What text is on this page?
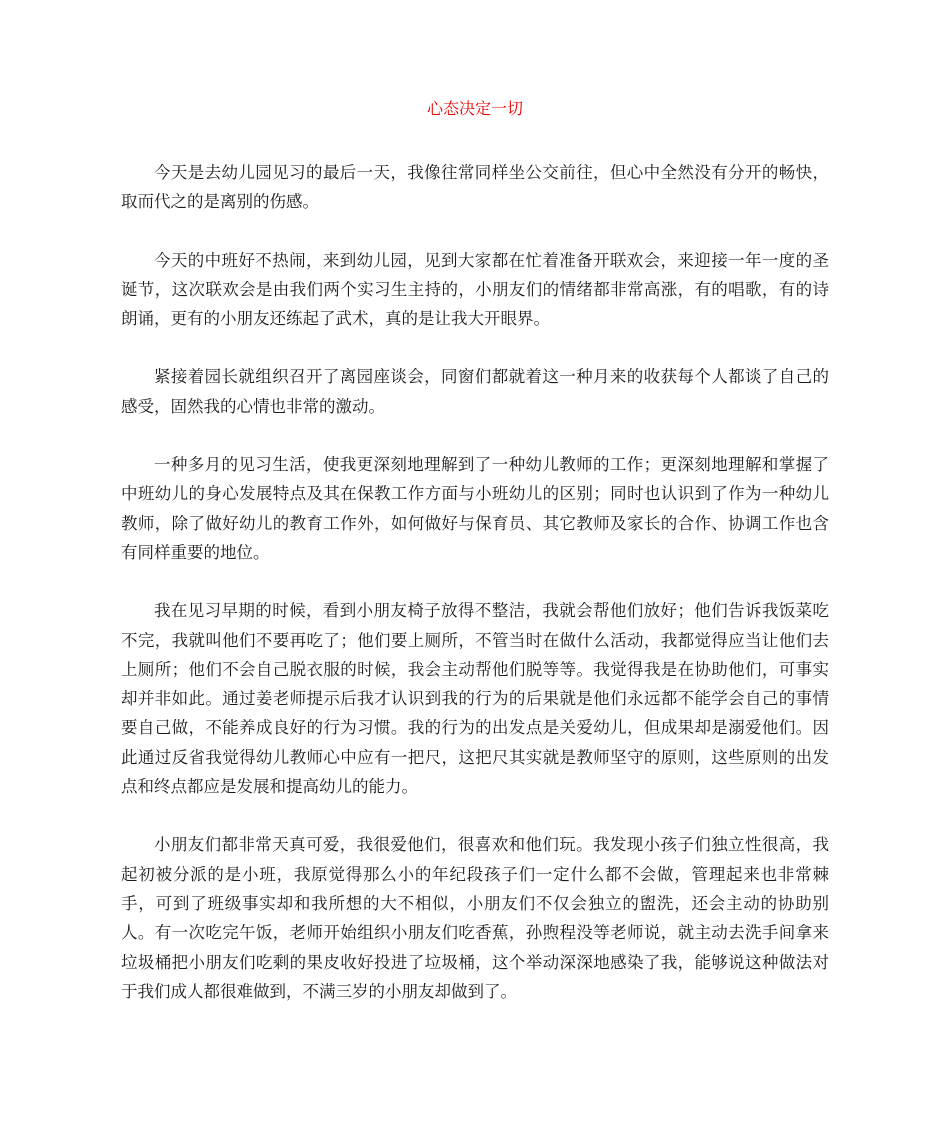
心态决定一切

今天是去幼儿园见习的最后一天，我像往常同样坐公交前往，但心中全然没有分开的畅快，取而代之的是离别的伤感。

今天的中班好不热闹，来到幼儿园，见到大家都在忙着准备开联欢会，来迎接一年一度的圣诞节，这次联欢会是由我们两个实习生主持的，小朋友们的情绪都非常高涨，有的唱歌，有的诗朗诵，更有的小朋友还练起了武术，真的是让我大开眼界。

紧接着园长就组织召开了离园座谈会，同窗们都就着这一种月来的收获每个人都谈了自己的感受，固然我的心情也非常的激动。

一种多月的见习生活，使我更深刻地理解到了一种幼儿教师的工作；更深刻地理解和掌握了中班幼儿的身心发展特点及其在保教工作方面与小班幼儿的区别；同时也认识到了作为一种幼儿教师，除了做好幼儿的教育工作外，如何做好与保育员、其它教师及家长的合作、协调工作也含有同样重要的地位。

我在见习早期的时候，看到小朋友椅子放得不整洁，我就会帮他们放好；他们告诉我饭菜吃不完，我就叫他们不要再吃了；他们要上厕所，不管当时在做什么活动，我都觉得应当让他们去上厕所；他们不会自己脱衣服的时候，我会主动帮他们脱等等。我觉得我是在协助他们，可事实却并非如此。通过姜老师提示后我才认识到我的行为的后果就是他们永远都不能学会自己的事情要自己做，不能养成良好的行为习惯。我的行为的出发点是关爱幼儿，但成果却是溺爱他们。因此通过反省我觉得幼儿教师心中应有一把尺，这把尺其实就是教师坚守的原则，这些原则的出发点和终点都应是发展和提高幼儿的能力。

小朋友们都非常天真可爱，我很爱他们，很喜欢和他们玩。我发现小孩子们独立性很高，我起初被分派的是小班，我原觉得那么小的年纪段孩子们一定什么都不会做，管理起来也非常棘手，可到了班级事实却和我所想的大不相似，小朋友们不仅会独立的盥洗，还会主动的协助别人。有一次吃完午饭，老师开始组织小朋友们吃香蕉，孙煦程没等老师说，就主动去洗手间拿来垃圾桶把小朋友们吃剩的果皮收好投进了垃圾桶，这个举动深深地感染了我，能够说这种做法对于我们成人都很难做到，不满三岁的小朋友却做到了。
